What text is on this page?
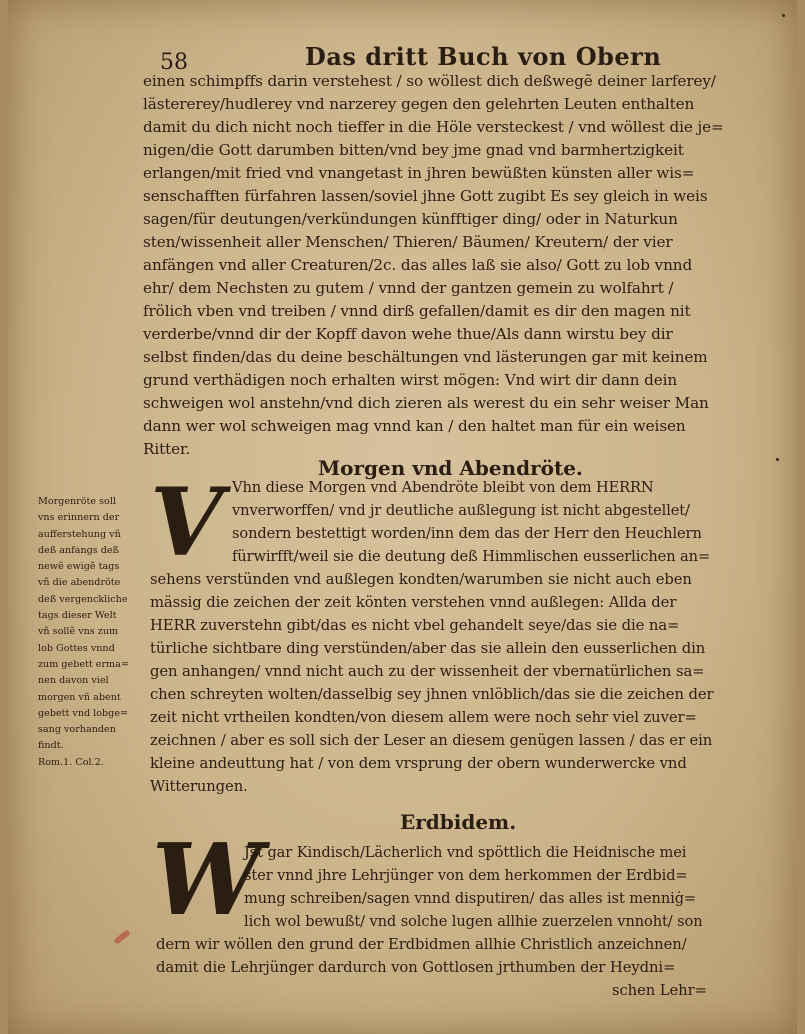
58	Das dritt Buch von Obern
einen schimpffs darin verstehest / so wöllest dich deßwegẽ deiner larferey/
lästererey/hudlerey vnd narzerey gegen den gelehrten Leuten enthalten
damit du dich nicht noch tieffer in die Höle versteckest / vnd wöllest die je=
nigen/die Gott darumben bitten/vnd bey jme gnad vnd barmhertzigkeit
erlangen/mit fried vnd vnangetast in jhren bewüßten künsten aller wis=
senschafften fürfahren lassen/soviel jhne Gott zugibt Es sey gleich in weis
sagen/für deutungen/verkündungen künfftiger ding/ oder in Naturkun
sten/wissenheit aller Menschen/ Thieren/ Bäumen/ Kreutern/ der vier
anfängen vnd aller Creaturen/2c. das alles laß sie also/ Gott zu lob vnnd
ehr/ dem Nechsten zu gutem / vnnd der gantzen gemein zu wolfahrt /
frölich vben vnd treiben / vnnd dirß gefallen/damit es dir den magen nit
verderbe/vnnd dir der Kopff davon wehe thue/Als dann wirstu bey dir
selbst finden/das du deine beschältungen vnd lästerungen gar mit keinem
grund verthädigen noch erhalten wirst mögen: Vnd wirt dir dann dein
schweigen wol anstehn/vnd dich zieren als werest du ein sehr weiser Man
dann wer wol schweigen mag vnnd kan / den haltet man für ein weisen
Ritter.
Morgen vnd Abendröte.
V
Morgenröte soll
vns erinnern der
aufferstehung vñ
deß anfangs deß
newẽ ewigẽ tags
vñ die abendröte
deß vergenckliche
tags dieser Welt
vñ sollẽ vns zum
lob Gottes vnnd
zum gebett erma=
nen davon viel
morgen vñ abent
gebett vnd lobge=
sang vorhanden
findt.
Rom.1. Col.2.
Vhn diese Morgen vnd Abendröte bleibt von dem HERRN
vnverworffen/ vnd jr deutliche außlegung ist nicht abgestellet/
sondern bestettigt worden/inn dem das der Herr den Heuchlern
fürwirfft/weil sie die deutung deß Himmlischen eusserlichen an=
sehens verstünden vnd außlegen kondten/warumben sie nicht auch eben
mässig die zeichen der zeit könten verstehen vnnd außlegen: Allda der
HERR zuverstehn gibt/das es nicht vbel gehandelt seye/das sie die na=
türliche sichtbare ding verstünden/aber das sie allein den eusserlichen din
gen anhangen/ vnnd nicht auch zu der wissenheit der vbernatürlichen sa=
chen schreyten wolten/dasselbig sey jhnen vnlöblich/das sie die zeichen der
zeit nicht vrtheilen kondten/von diesem allem were noch sehr viel zuver=
zeichnen / aber es soll sich der Leser an diesem genügen lassen / das er ein
kleine andeuttung hat / von dem vrsprung der obern wunderwercke vnd
Witterungen.
Erdbidem.
W
Jst gar Kindisch/Lächerlich vnd spöttlich die Heidnische mei
ster vnnd jhre Lehrjünger von dem herkommen der Erdbid=
mung schreiben/sagen vnnd disputiren/ das alles ist menniġ=
lich wol bewußt/ vnd solche lugen allhie zuerzelen vnnoht/ son
dern wir wöllen den grund der Erdbidmen allhie Christlich anzeichnen/
damit die Lehrjünger dardurch von Gottlosen jrthumben der Heydni=
schen Lehr=
